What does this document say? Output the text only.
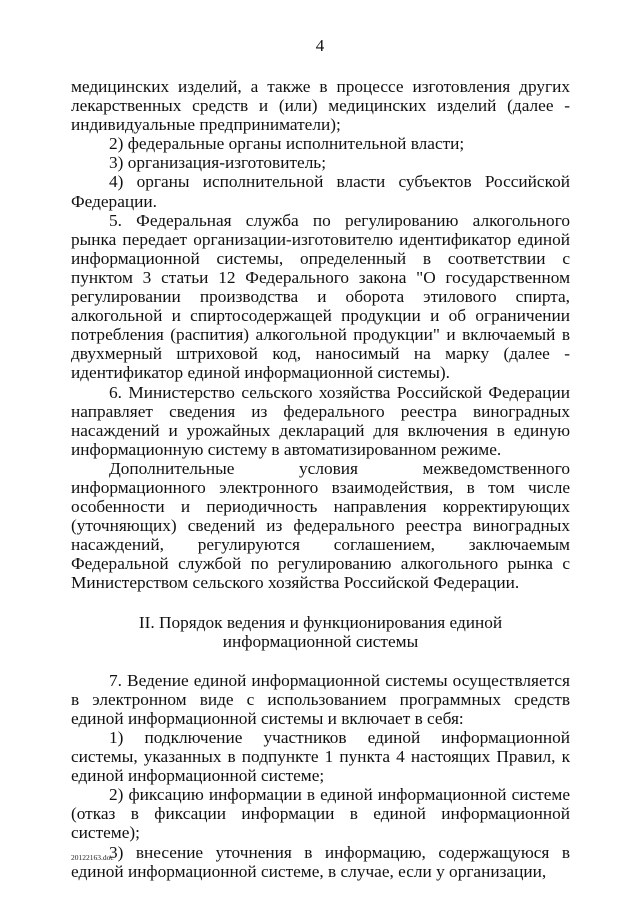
4

медицинских изделий, а также в процессе изготовления других лекарственных средств и (или) медицинских изделий (далее - индивидуальные предприниматели);

2) федеральные органы исполнительной власти;

3) организация-изготовитель;

4) органы исполнительной власти субъектов Российской Федерации.

5. Федеральная служба по регулированию алкогольного рынка передает организации-изготовителю идентификатор единой информационной системы, определенный в соответствии с пунктом 3 статьи 12 Федерального закона "О государственном регулировании производства и оборота этилового спирта, алкогольной и спиртосодержащей продукции и об ограничении потребления (распития) алкогольной продукции" и включаемый в двухмерный штриховой код, наносимый на марку (далее - идентификатор единой информационной системы).

6. Министерство сельского хозяйства Российской Федерации направляет сведения из федерального реестра виноградных насаждений и урожайных деклараций для включения в единую информационную систему в автоматизированном режиме.

Дополнительные условия межведомственного информационного электронного взаимодействия, в том числе особенности и периодичность направления корректирующих (уточняющих) сведений из федерального реестра виноградных насаждений, регулируются соглашением, заключаемым Федеральной службой по регулированию алкогольного рынка с Министерством сельского хозяйства Российской Федерации.

II. Порядок ведения и функционирования единой
информационной системы

7. Ведение единой информационной системы осуществляется в электронном виде с использованием программных средств единой информационной системы и включает в себя:

1) подключение участников единой информационной системы, указанных в подпункте 1 пункта 4 настоящих Правил, к единой информационной системе;

2) фиксацию информации в единой информационной системе (отказ в фиксации информации в единой информационной системе);

3) внесение уточнения в информацию, содержащуюся в единой информационной системе, в случае, если у организации,

20122163.doc
